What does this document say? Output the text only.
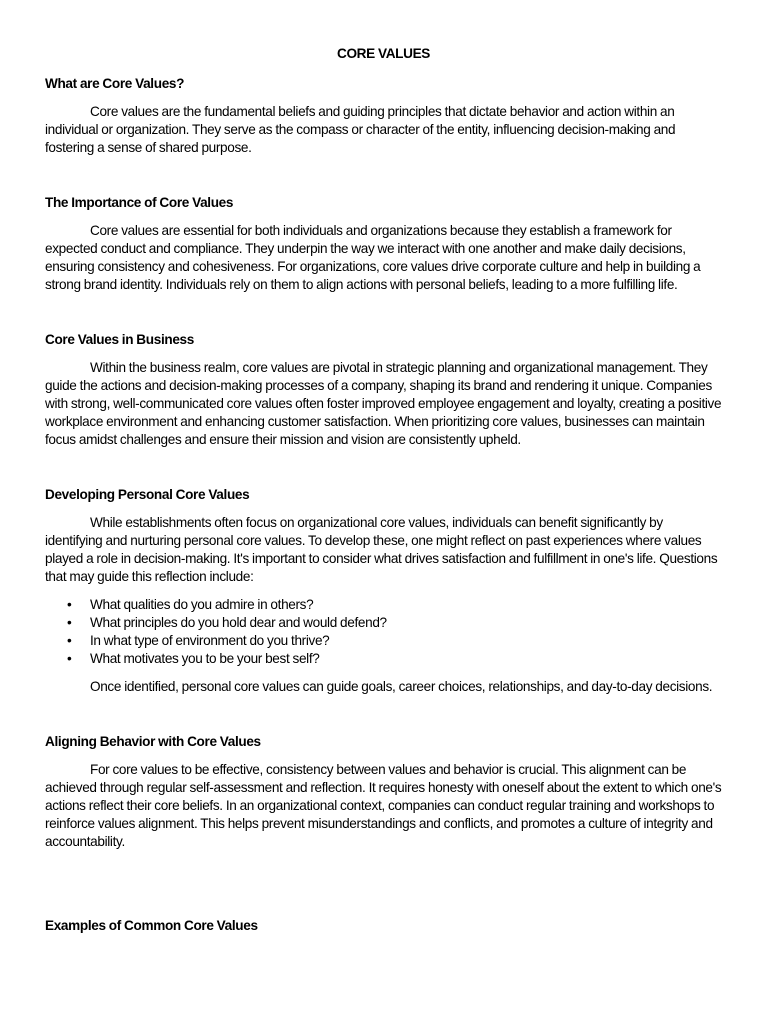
CORE VALUES
What are Core Values?

Core values are the fundamental beliefs and guiding principles that dictate behavior and action within an individual or organization. They serve as the compass or character of the entity, influencing decision-making and fostering a sense of shared purpose.

The Importance of Core Values

Core values are essential for both individuals and organizations because they establish a framework for expected conduct and compliance. They underpin the way we interact with one another and make daily decisions, ensuring consistency and cohesiveness. For organizations, core values drive corporate culture and help in building a strong brand identity. Individuals rely on them to align actions with personal beliefs, leading to a more fulfilling life.

Core Values in Business

Within the business realm, core values are pivotal in strategic planning and organizational management. They guide the actions and decision-making processes of a company, shaping its brand and rendering it unique. Companies with strong, well-communicated core values often foster improved employee engagement and loyalty, creating a positive workplace environment and enhancing customer satisfaction. When prioritizing core values, businesses can maintain focus amidst challenges and ensure their mission and vision are consistently upheld.

Developing Personal Core Values

While establishments often focus on organizational core values, individuals can benefit significantly by identifying and nurturing personal core values. To develop these, one might reflect on past experiences where values played a role in decision-making. It's important to consider what drives satisfaction and fulfillment in one's life. Questions that may guide this reflection include:

• What qualities do you admire in others?
• What principles do you hold dear and would defend?
• In what type of environment do you thrive?
• What motivates you to be your best self?

Once identified, personal core values can guide goals, career choices, relationships, and day-to-day decisions.

Aligning Behavior with Core Values

For core values to be effective, consistency between values and behavior is crucial. This alignment can be achieved through regular self-assessment and reflection. It requires honesty with oneself about the extent to which one's actions reflect their core beliefs. In an organizational context, companies can conduct regular training and workshops to reinforce values alignment. This helps prevent misunderstandings and conflicts, and promotes a culture of integrity and accountability.

Examples of Common Core Values
